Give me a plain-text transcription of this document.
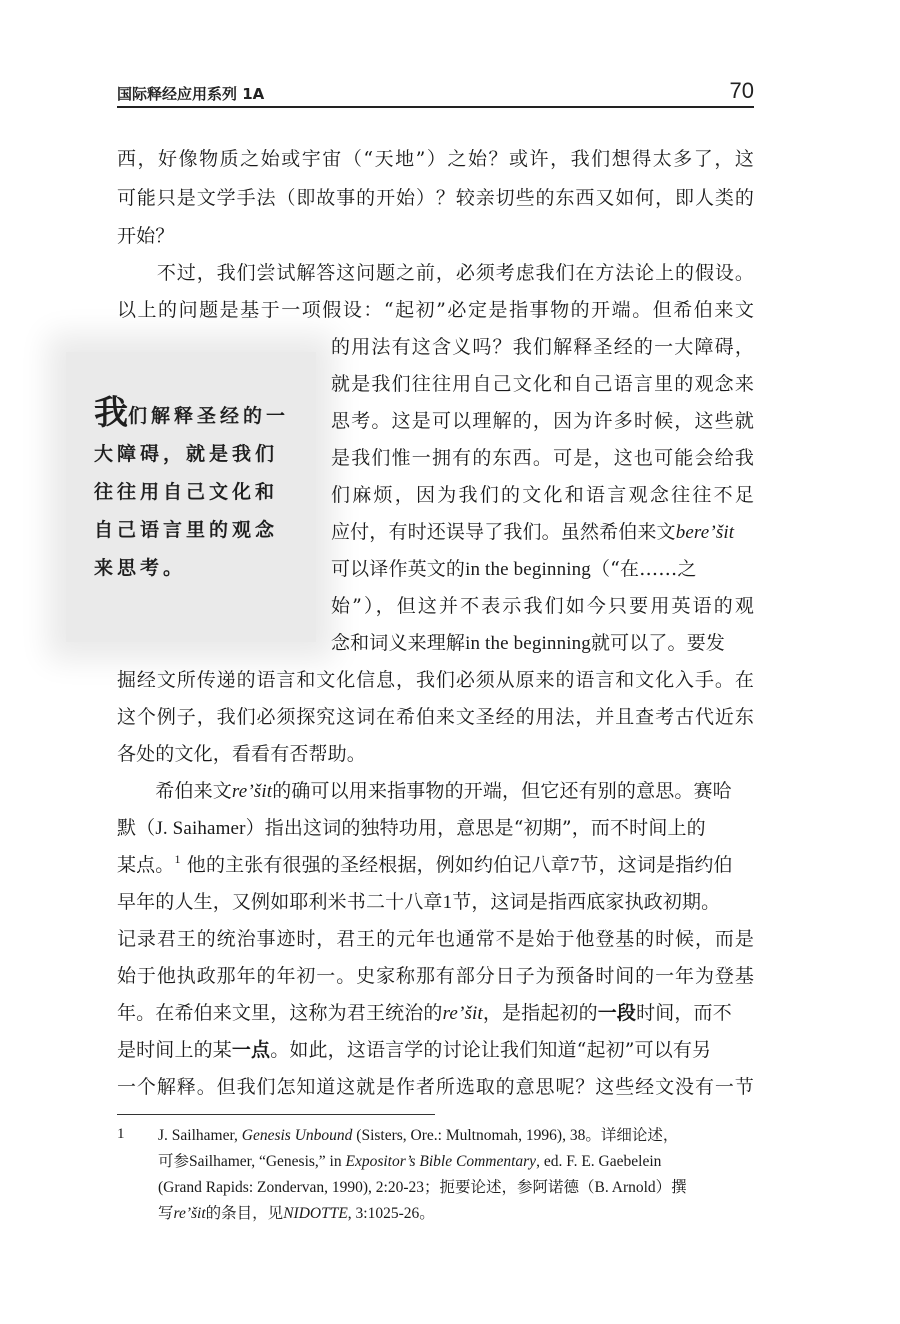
国际释经应用系列 1A	70
我们解释圣经的一大障碍，就是我们往往用自己文化和自己语言里的观念来思考。
西，好像物质之始或宇宙（“天地”）之始？或许，我们想得太多了，这
可能只是文学手法（即故事的开始）？较亲切些的东西又如何，即人类的
开始？
　　不过，我们尝试解答这问题之前，必须考虑我们在方法论上的假设。
以上的问题是基于一项假设：“起初”必定是指事物的开端。但希伯来文
的用法有这含义吗？我们解释圣经的一大障碍，
就是我们往往用自己文化和自己语言里的观念来
思考。这是可以理解的，因为许多时候，这些就
是我们惟一拥有的东西。可是，这也可能会给我
们麻烦，因为我们的文化和语言观念往往不足
应付，有时还误导了我们。虽然希伯来文bere’šit
可以译作英文的in the beginning（“在……之
始”），但这并不表示我们如今只要用英语的观
念和词义来理解in the beginning就可以了。要发
掘经文所传递的语言和文化信息，我们必须从原来的语言和文化入手。在
这个例子，我们必须探究这词在希伯来文圣经的用法，并且查考古代近东
各处的文化，看看有否帮助。
　　希伯来文re’šit的确可以用来指事物的开端，但它还有别的意思。赛哈
默（J. Saihamer）指出这词的独特功用，意思是“初期”，而不时间上的
某点。$^1$ 他的主张有很强的圣经根据，例如约伯记八章7节，这词是指约伯
早年的人生，又例如耶利米书二十八章1节，这词是指西底家执政初期。
记录君王的统治事迹时，君王的元年也通常不是始于他登基的时候，而是
始于他执政那年的年初一。史家称那有部分日子为预备时间的一年为登基
年。在希伯来文里，这称为君王统治的re’šit，是指起初的一段时间，而不
是时间上的某一点。如此，这语言学的讨论让我们知道“起初”可以有另
一个解释。但我们怎知道这就是作者所选取的意思呢？这些经文没有一节
1 J. Sailhamer, Genesis Unbound (Sisters, Ore.: Multnomah, 1996), 38。详细论述，
可参Sailhamer, “Genesis,” in Expositor’s Bible Commentary, ed. F. E. Gaebelein
(Grand Rapids: Zondervan, 1990), 2:20-23；扼要论述，参阿诺德（B. Arnold）撰
写re’šit的条目，见NIDOTTE, 3:1025-26。
